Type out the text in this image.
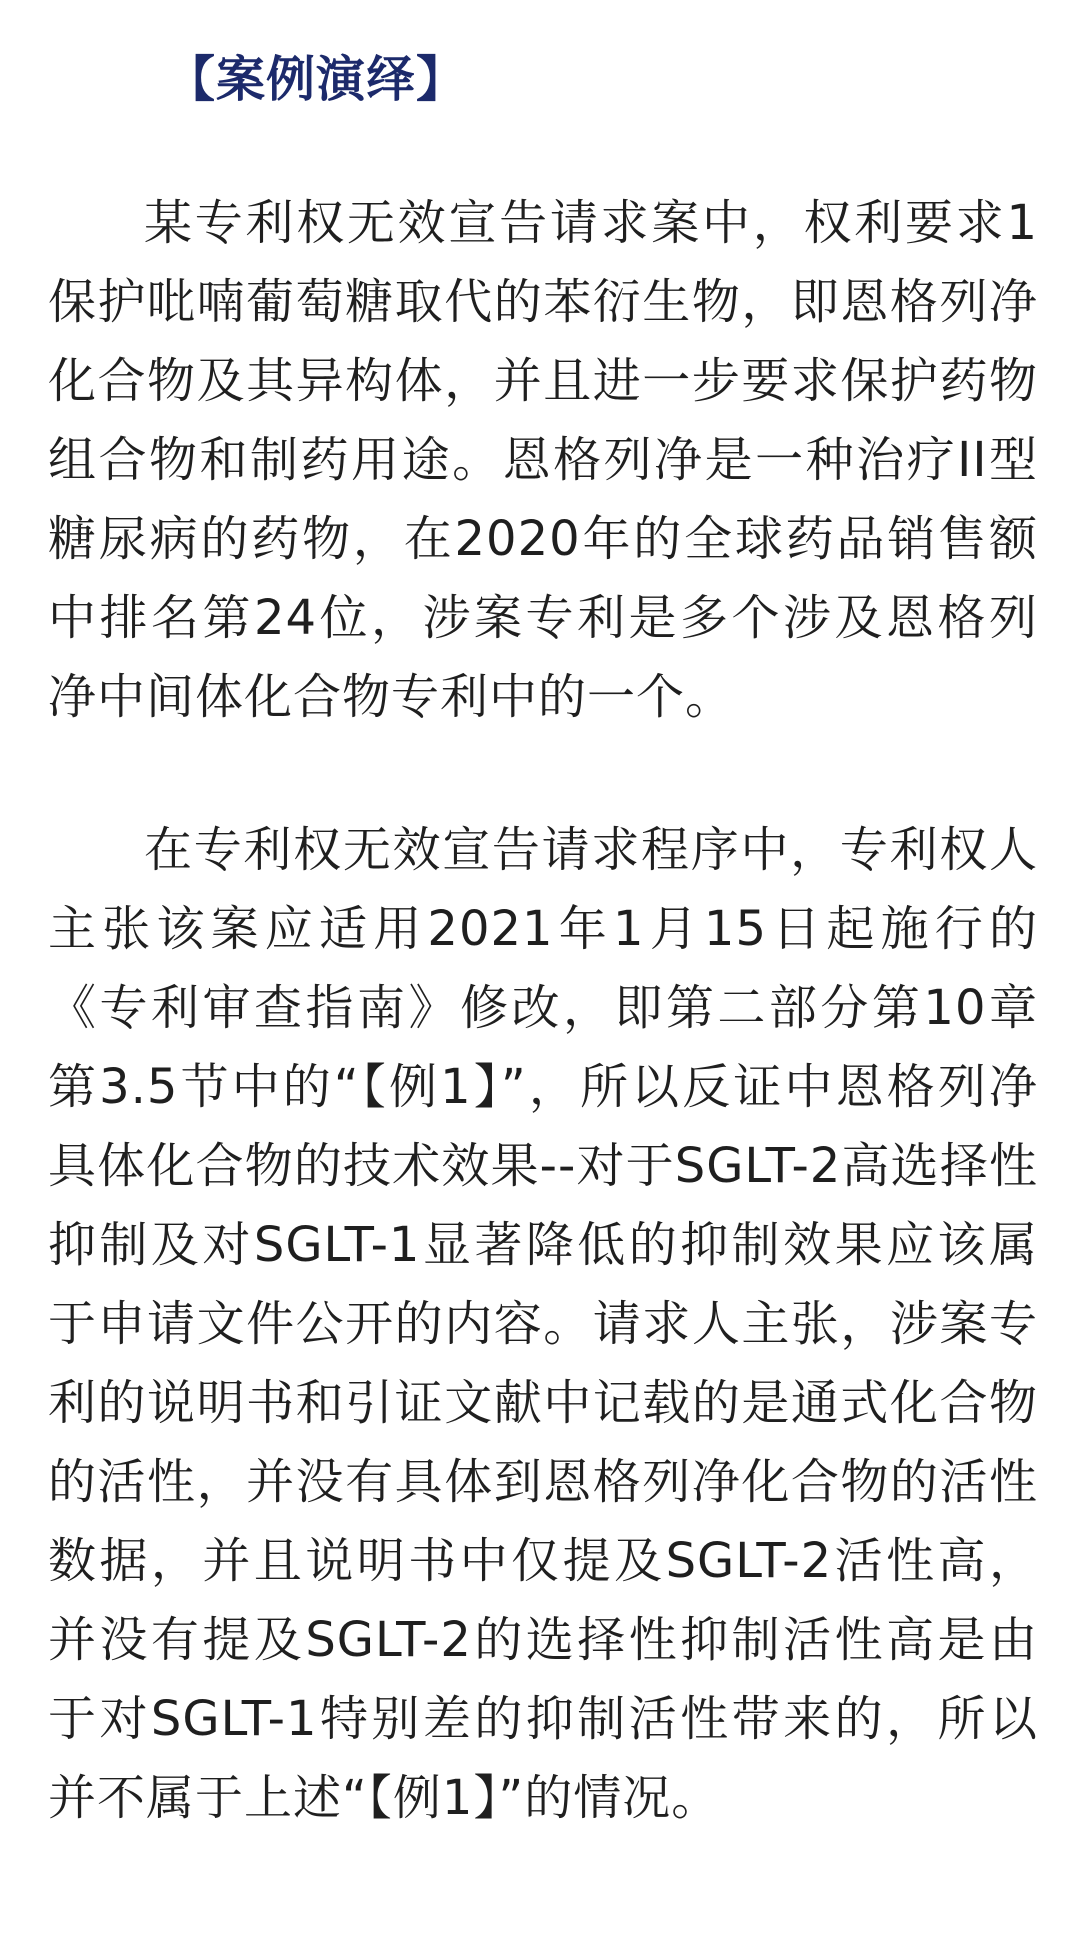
【案例演绎】

某专利权无效宣告请求案中，权利要求1保护吡喃葡萄糖取代的苯衍生物，即恩格列净化合物及其异构体，并且进一步要求保护药物组合物和制药用途。恩格列净是一种治疗II型糖尿病的药物，在2020年的全球药品销售额中排名第24位，涉案专利是多个涉及恩格列净中间体化合物专利中的一个。

在专利权无效宣告请求程序中，专利权人主张该案应适用2021年1月15日起施行的《专利审查指南》修改，即第二部分第10章第3.5节中的“【例1】”，所以反证中恩格列净具体化合物的技术效果--对于SGLT-2高选择性抑制及对SGLT-1显著降低的抑制效果应该属于申请文件公开的内容。请求人主张，涉案专利的说明书和引证文献中记载的是通式化合物的活性，并没有具体到恩格列净化合物的活性数据，并且说明书中仅提及SGLT-2活性高，并没有提及SGLT-2的选择性抑制活性高是由于对SGLT-1特别差的抑制活性带来的，所以并不属于上述“【例1】”的情况。
